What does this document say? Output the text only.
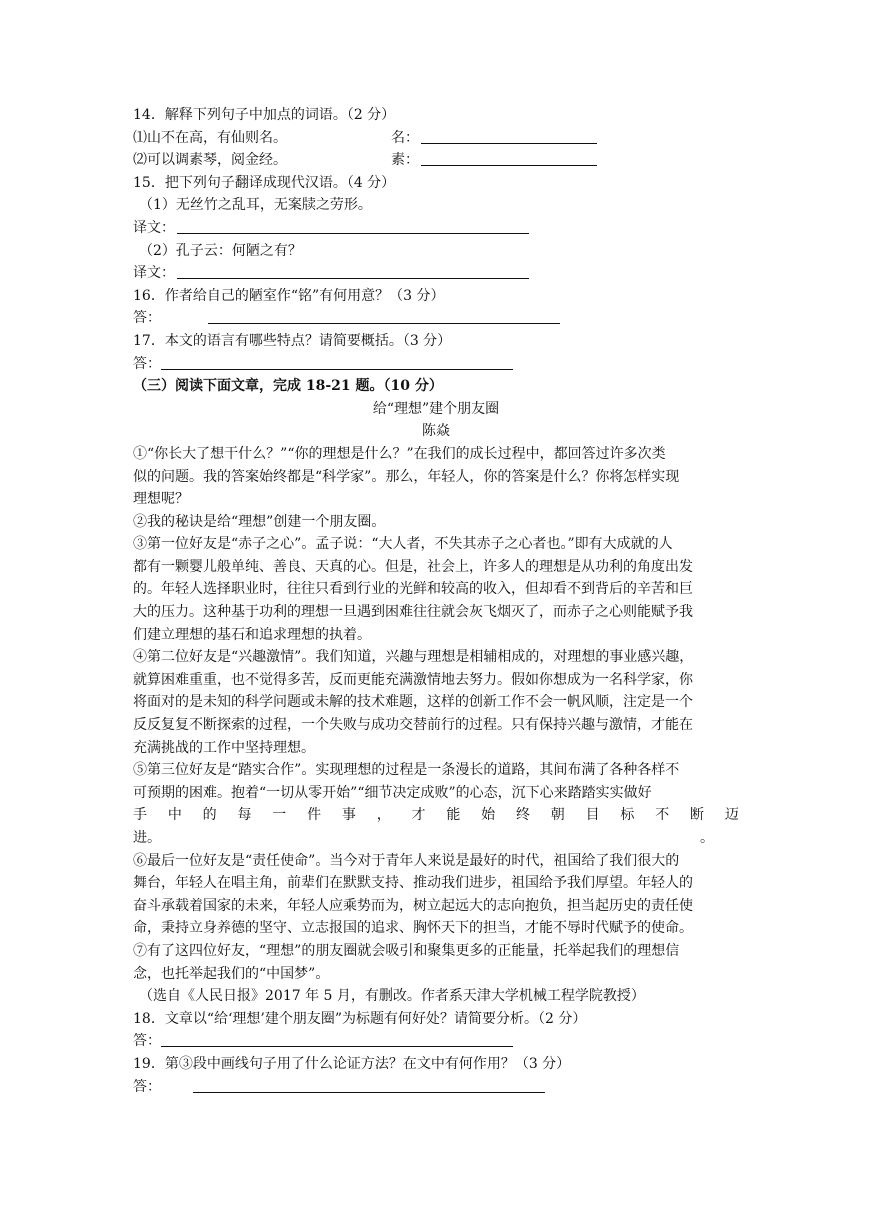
14．解释下列句子中加点的词语。（2 分）
⑴山不在高，有仙则名。	名：
⑵可以调素琴，阅金经。	素：
15．把下列句子翻译成现代汉语。（4 分）
（1）无丝竹之乱耳，无案牍之劳形。
译文：
（2）孔子云：何陋之有？
译文：
16．作者给自己的陋室作“铭”有何用意？（3 分）
答：
17．本文的语言有哪些特点？请简要概括。（3 分）
答：
（三）阅读下面文章，完成 18-21 题。（10 分）
给“理想”建个朋友圈
陈焱
①“你长大了想干什么？”“你的理想是什么？”在我们的成长过程中，都回答过许多次类
似的问题。我的答案始终都是“科学家”。那么，年轻人，你的答案是什么？你将怎样实现
理想呢？
②我的秘诀是给“理想”创建一个朋友圈。
③第一位好友是“赤子之心”。孟子说：“大人者，不失其赤子之心者也。”即有大成就的人
都有一颗婴儿般单纯、善良、天真的心。但是，社会上，许多人的理想是从功利的角度出发
的。年轻人选择职业时，往往只看到行业的光鲜和较高的收入，但却看不到背后的辛苦和巨
大的压力。这种基于功利的理想一旦遇到困难往往就会灰飞烟灭了，而赤子之心则能赋予我
们建立理想的基石和追求理想的执着。
④第二位好友是“兴趣激情”。我们知道，兴趣与理想是相辅相成的，对理想的事业感兴趣，
就算困难重重，也不觉得多苦，反而更能充满激情地去努力。假如你想成为一名科学家，你
将面对的是未知的科学问题或未解的技术难题，这样的创新工作不会一帆风顺，注定是一个
反反复复不断探索的过程，一个失败与成功交替前行的过程。只有保持兴趣与激情，才能在
充满挑战的工作中坚持理想。
⑤第三位好友是“踏实合作”。实现理想的过程是一条漫长的道路，其间布满了各种各样不
可预期的困难。抱着“一切从零开始”“细节决定成败”的心态，沉下心来踏踏实实做好
手 中 的 每 一 件 事 ， 才 能 始 终 朝 目 标 不 断 迈
进。	。
⑥最后一位好友是“责任使命”。当今对于青年人来说是最好的时代，祖国给了我们很大的
舞台，年轻人在唱主角，前辈们在默默支持、推动我们进步，祖国给予我们厚望。年轻人的
奋斗承载着国家的未来，年轻人应乘势而为，树立起远大的志向抱负，担当起历史的责任使
命，秉持立身养德的坚守、立志报国的追求、胸怀天下的担当，才能不辱时代赋予的使命。
⑦有了这四位好友，“理想”的朋友圈就会吸引和聚集更多的正能量，托举起我们的理想信
念，也托举起我们的“中国梦”。
（选自《人民日报》2017 年 5 月，有删改。作者系天津大学机械工程学院教授）
18．文章以“给‘理想’建个朋友圈”为标题有何好处？请简要分析。（2 分）
答：
19．第③段中画线句子用了什么论证方法？在文中有何作用？（3 分）
答：
